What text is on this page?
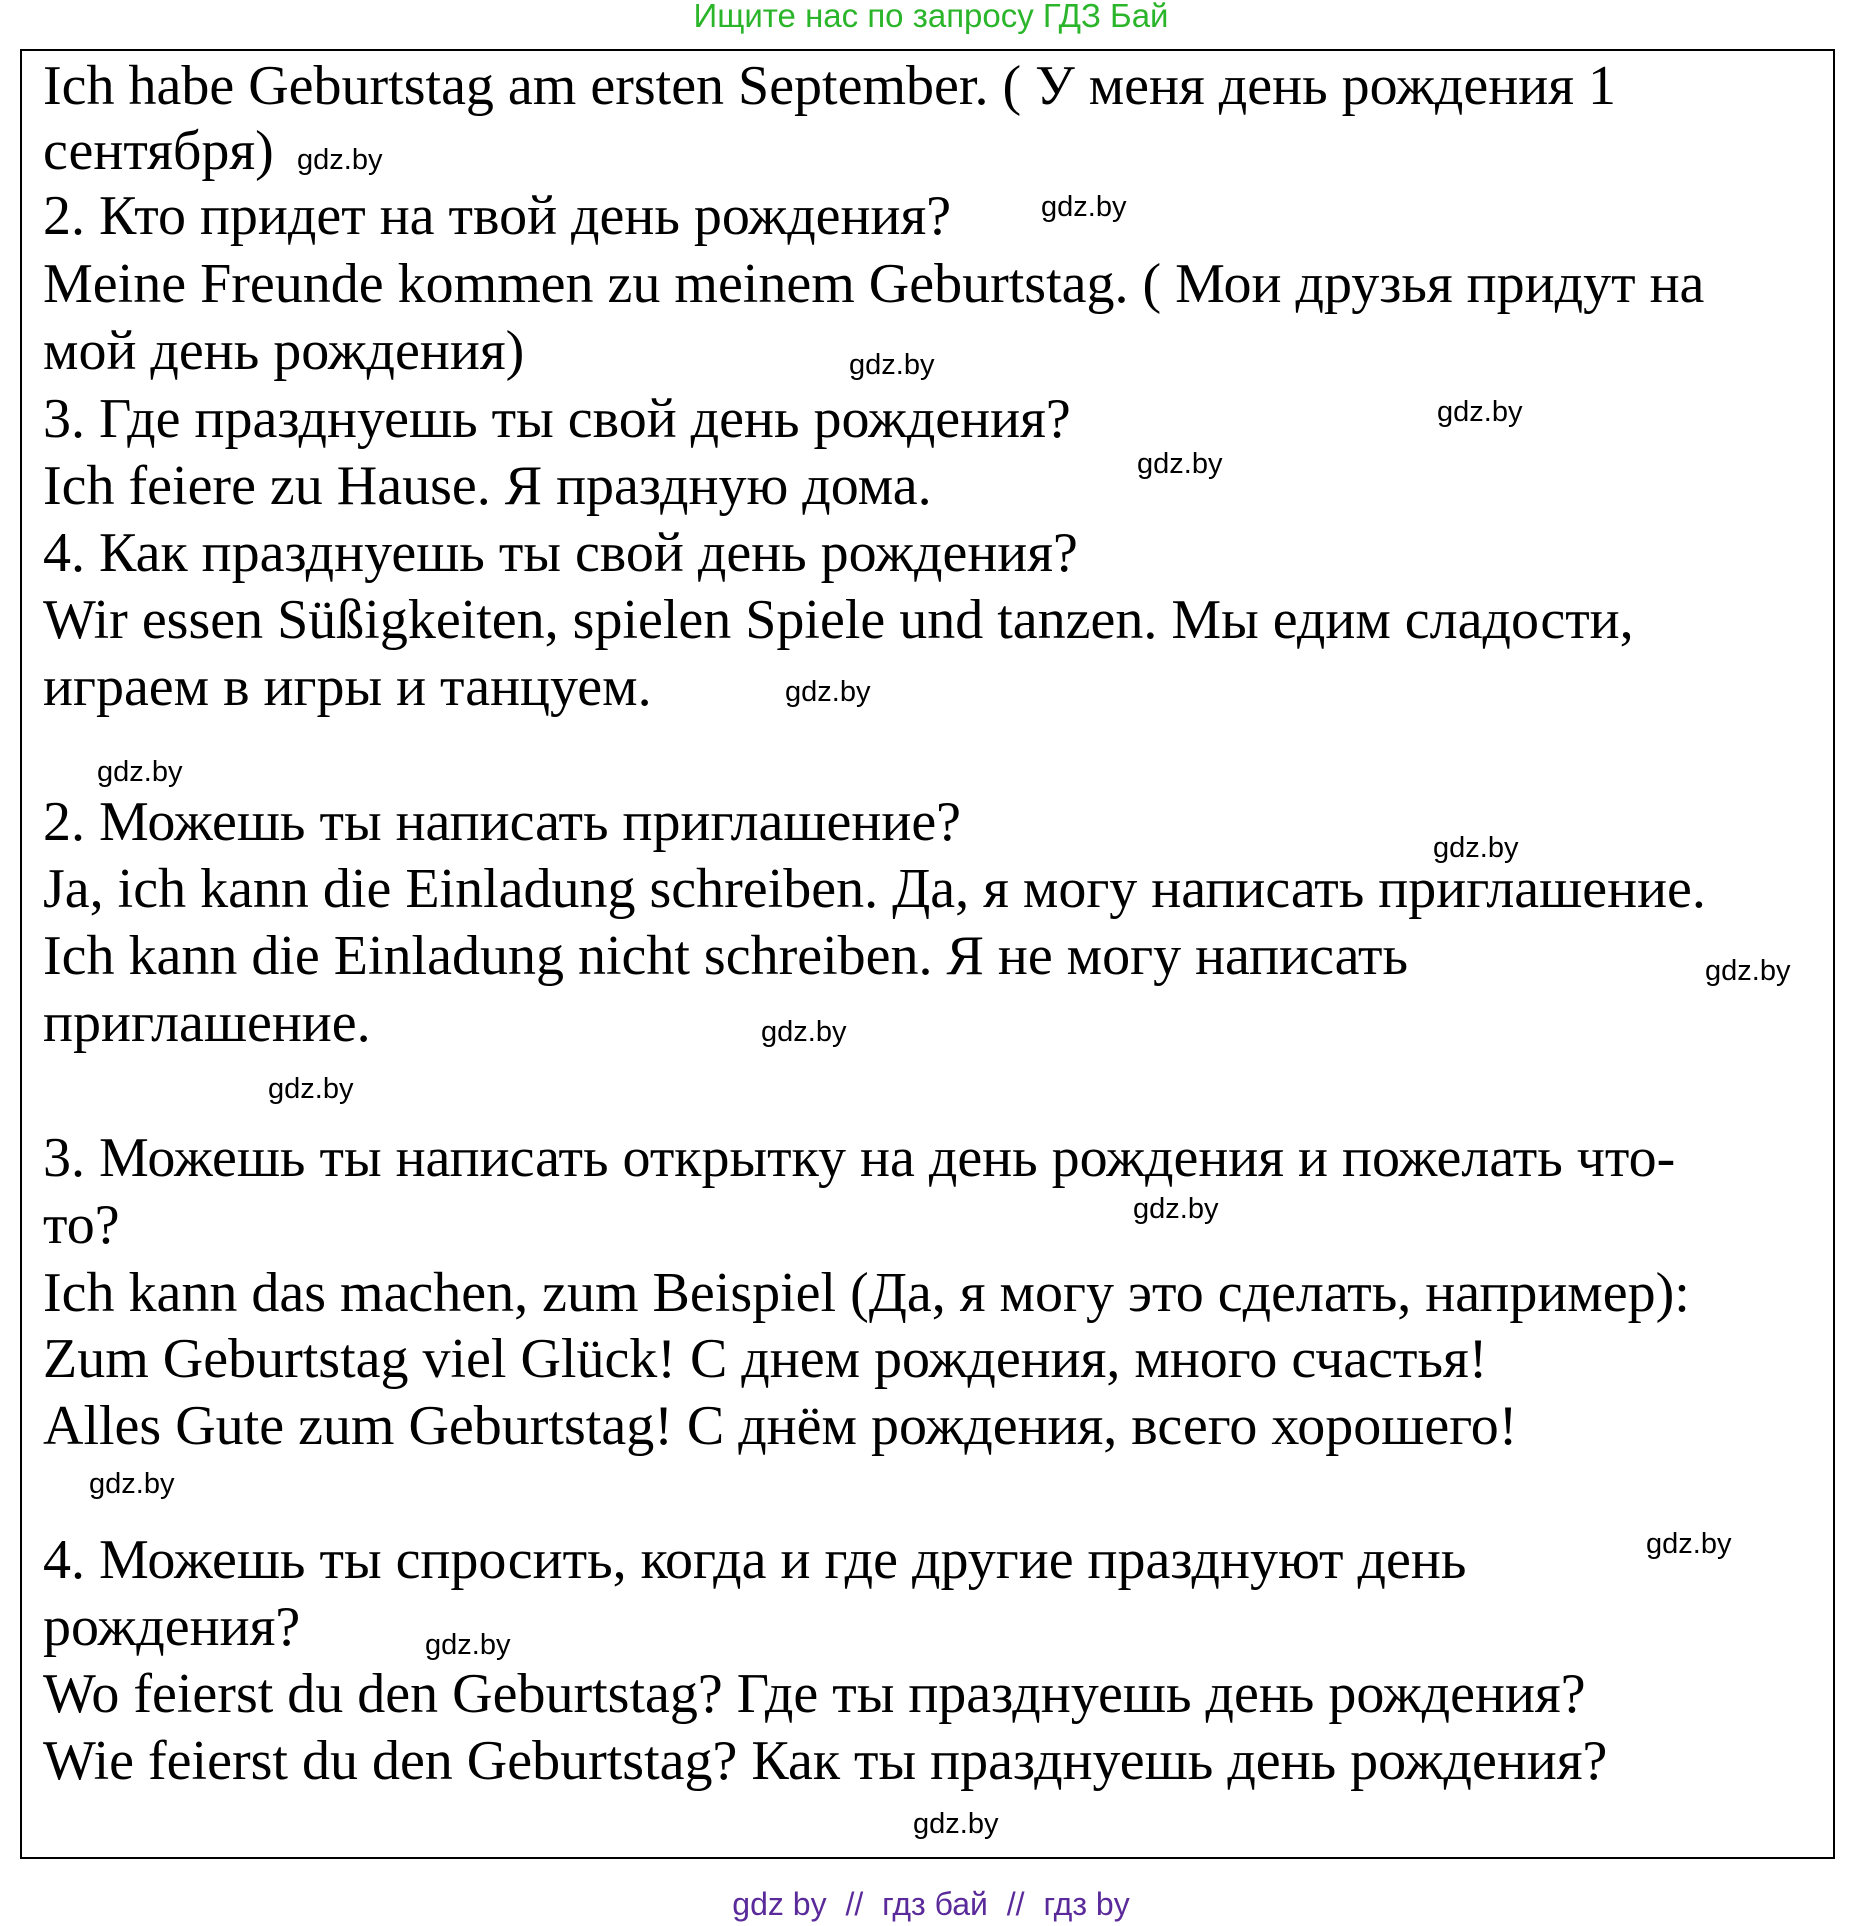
Ищите нас по запросу ГДЗ Бай
Ich habe Geburtstag am ersten September. ( У меня день рождения 1
сентября)
2. Кто придет на твой день рождения?
Meine Freunde kommen zu meinem Geburtstag. ( Мои друзья придут на
мой день рождения)
3. Где празднуешь ты свой день рождения?
Ich feiere zu Hause. Я праздную дома.
4. Как празднуешь ты свой день рождения?
Wir essen Süßigkeiten, spielen Spiele und tanzen. Мы едим сладости,
играем в игры и танцуем.
2. Можешь ты написать приглашение?
Ja, ich kann die Einladung schreiben. Да, я могу написать приглашение.
Ich kann die Einladung nicht schreiben. Я не могу написать
приглашение.
3. Можешь ты написать открытку на день рождения и пожелать что-
то?
Ich kann das machen, zum Beispiel (Да, я могу это сделать, например):
Zum Geburtstag viel Glück! С днем рождения, много счастья!
Alles Gute zum Geburtstag! С днём рождения, всего хорошего!
4. Можешь ты спросить, когда и где другие празднуют день
рождения?
Wo feierst du den Geburtstag? Где ты празднуешь день рождения?
Wie feierst du den Geburtstag? Как ты празднуешь день рождения?
gdz.by
gdz.by
gdz.by
gdz.by
gdz.by
gdz.by
gdz.by
gdz.by
gdz.by
gdz.by
gdz.by
gdz.by
gdz.by
gdz.by
gdz.by
gdz.by
gdz by // гдз бай // гдз by
